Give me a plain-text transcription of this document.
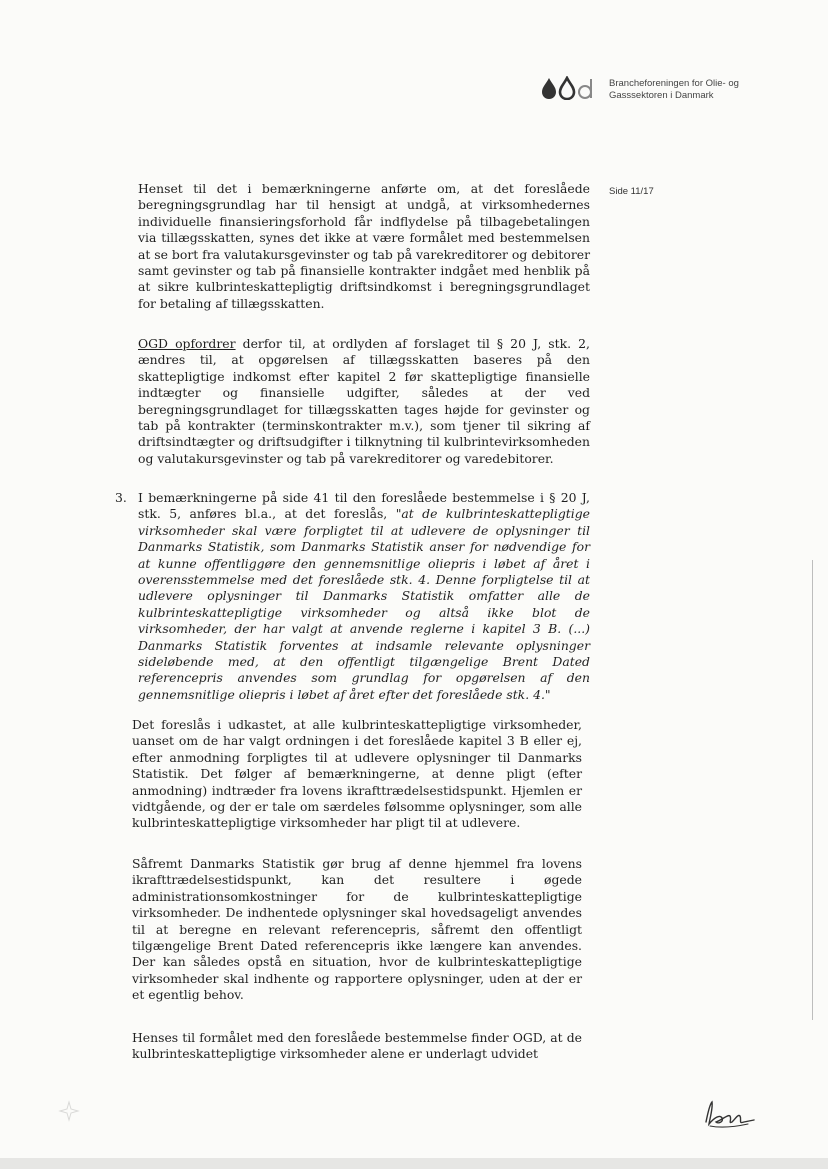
Brancheforeningen for Olie- og
Gasssektoren i Danmark
Side 11/17
Henset til det i bemærkningerne anførte om, at det foreslåede beregningsgrundlag har til hensigt at undgå, at virksomhedernes individuelle finansieringsforhold får indflydelse på tilbagebetalingen via tillægsskatten, synes det ikke at være formålet med bestemmelsen at se bort fra valutakursgevinster og tab på varekreditorer og debitorer samt gevinster og tab på finansielle kontrakter indgået med henblik på at sikre kulbrinteskattepligtig driftsindkomst i beregningsgrundlaget for betaling af tillægsskatten.
OGD opfordrer derfor til, at ordlyden af forslaget til § 20 J, stk. 2, ændres til, at opgørelsen af tillægsskatten baseres på den skattepligtige indkomst efter kapitel 2 før skattepligtige finansielle indtægter og finansielle udgifter, således at der ved beregningsgrundlaget for tillægsskatten tages højde for gevinster og tab på kontrakter (terminskontrakter m.v.), som tjener til sikring af driftsindtægter og driftsudgifter i tilknytning til kulbrintevirksomheden og valutakursgevinster og tab på varekreditorer og varedebitorer.
3. I bemærkningerne på side 41 til den foreslåede bestemmelse i § 20 J, stk. 5, anføres bl.a., at det foreslås, "at de kulbrinteskattepligtige virksomheder skal være forpligtet til at udlevere de oplysninger til Danmarks Statistik, som Danmarks Statistik anser for nødvendige for at kunne offentliggøre den gennemsnitlige oliepris i løbet af året i overensstemmelse med det foreslåede stk. 4. Denne forpligtelse til at udlevere oplysninger til Danmarks Statistik omfatter alle de kulbrinteskattepligtige virksomheder og altså ikke blot de virksomheder, der har valgt at anvende reglerne i kapitel 3 B. (...) Danmarks Statistik forventes at indsamle relevante oplysninger sideløbende med, at den offentligt tilgængelige Brent Dated referencepris anvendes som grundlag for opgørelsen af den gennemsnitlige oliepris i løbet af året efter det foreslåede stk. 4."
Det foreslås i udkastet, at alle kulbrinteskattepligtige virksomheder, uanset om de har valgt ordningen i det foreslåede kapitel 3 B eller ej, efter anmodning forpligtes til at udlevere oplysninger til Danmarks Statistik. Det følger af bemærkningerne, at denne pligt (efter anmodning) indtræder fra lovens ikrafttrædelsestidspunkt. Hjemlen er vidtgående, og der er tale om særdeles følsomme oplysninger, som alle kulbrinteskattepligtige virksomheder har pligt til at udlevere.
Såfremt Danmarks Statistik gør brug af denne hjemmel fra lovens ikrafttrædelsestidspunkt, kan det resultere i øgede administrationsomkostninger for de kulbrinteskattepligtige virksomheder. De indhentede oplysninger skal hovedsageligt anvendes til at beregne en relevant referencepris, såfremt den offentligt tilgængelige Brent Dated referencepris ikke længere kan anvendes. Der kan således opstå en situation, hvor de kulbrinteskattepligtige virksomheder skal indhente og rapportere oplysninger, uden at der er et egentlig behov.
Henses til formålet med den foreslåede bestemmelse finder OGD, at de kulbrinteskattepligtige virksomheder alene er underlagt udvidet
